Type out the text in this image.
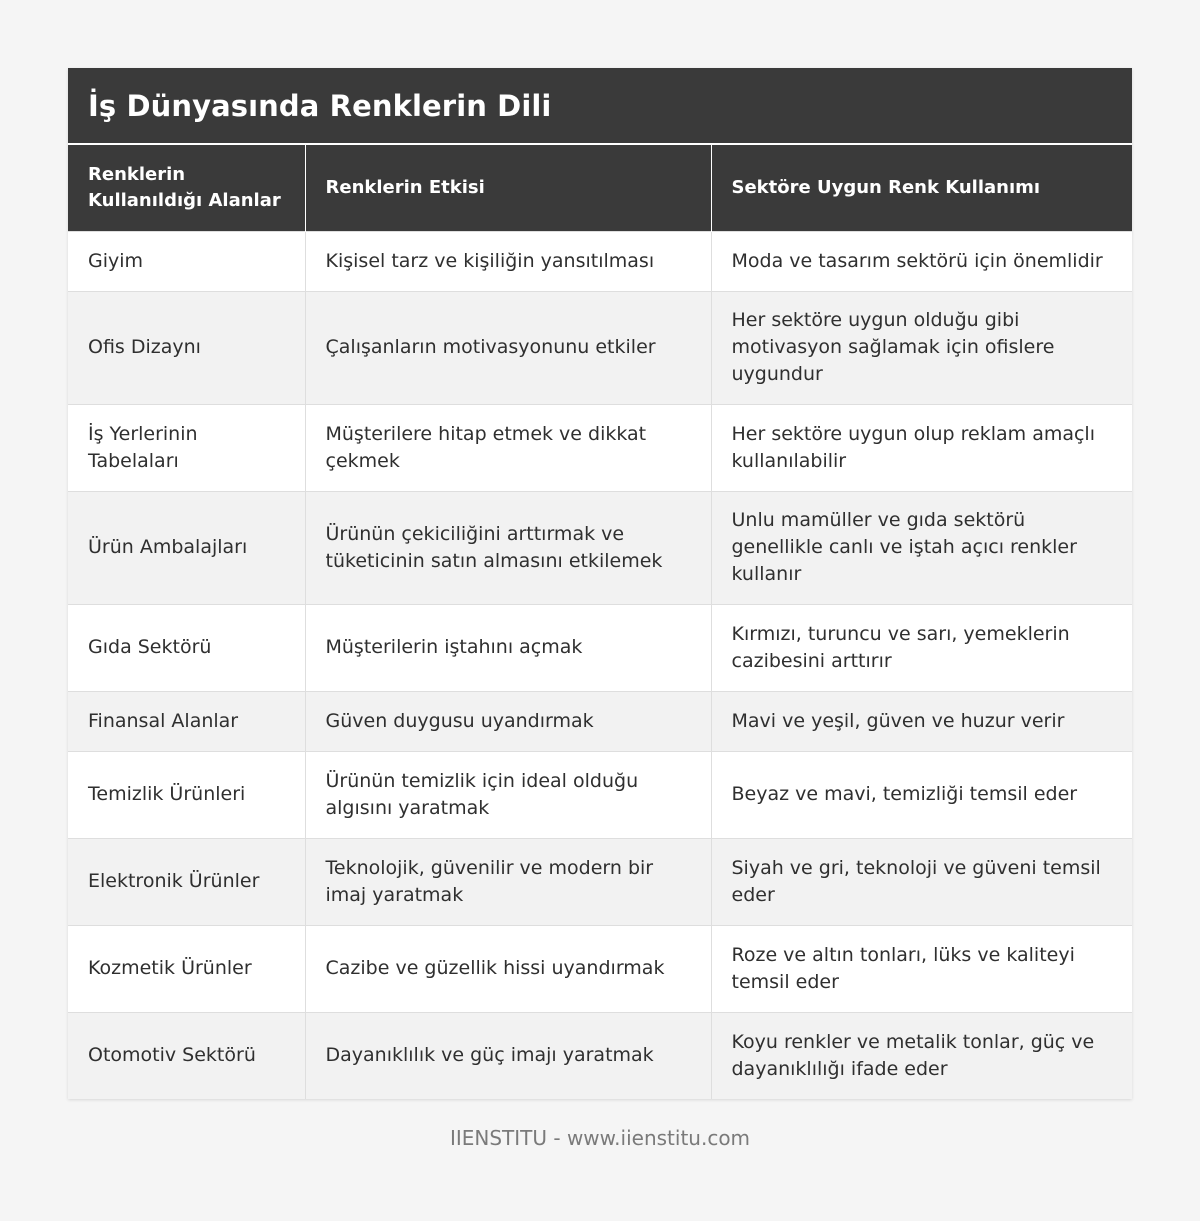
İş Dünyasında Renklerin Dili
Renklerin Kullanıldığı Alanlar	Renklerin Etkisi	Sektöre Uygun Renk Kullanımı
Giyim	Kişisel tarz ve kişiliğin yansıtılması	Moda ve tasarım sektörü için önemlidir
Ofis Dizaynı	Çalışanların motivasyonunu etkiler	Her sektöre uygun olduğu gibi motivasyon sağlamak için ofislere uygundur
İş Yerlerinin Tabelaları	Müşterilere hitap etmek ve dikkat çekmek	Her sektöre uygun olup reklam amaçlı kullanılabilir
Ürün Ambalajları	Ürünün çekiciliğini arttırmak ve tüketicinin satın almasını etkilemek	Unlu mamüller ve gıda sektörü genellikle canlı ve iştah açıcı renkler kullanır
Gıda Sektörü	Müşterilerin iştahını açmak	Kırmızı, turuncu ve sarı, yemeklerin cazibesini arttırır
Finansal Alanlar	Güven duygusu uyandırmak	Mavi ve yeşil, güven ve huzur verir
Temizlik Ürünleri	Ürünün temizlik için ideal olduğu algısını yaratmak	Beyaz ve mavi, temizliği temsil eder
Elektronik Ürünler	Teknolojik, güvenilir ve modern bir imaj yaratmak	Siyah ve gri, teknoloji ve güveni temsil eder
Kozmetik Ürünler	Cazibe ve güzellik hissi uyandırmak	Roze ve altın tonları, lüks ve kaliteyi temsil eder
Otomotiv Sektörü	Dayanıklılık ve güç imajı yaratmak	Koyu renkler ve metalik tonlar, güç ve dayanıklılığı ifade eder
IIENSTITU - www.iienstitu.com
